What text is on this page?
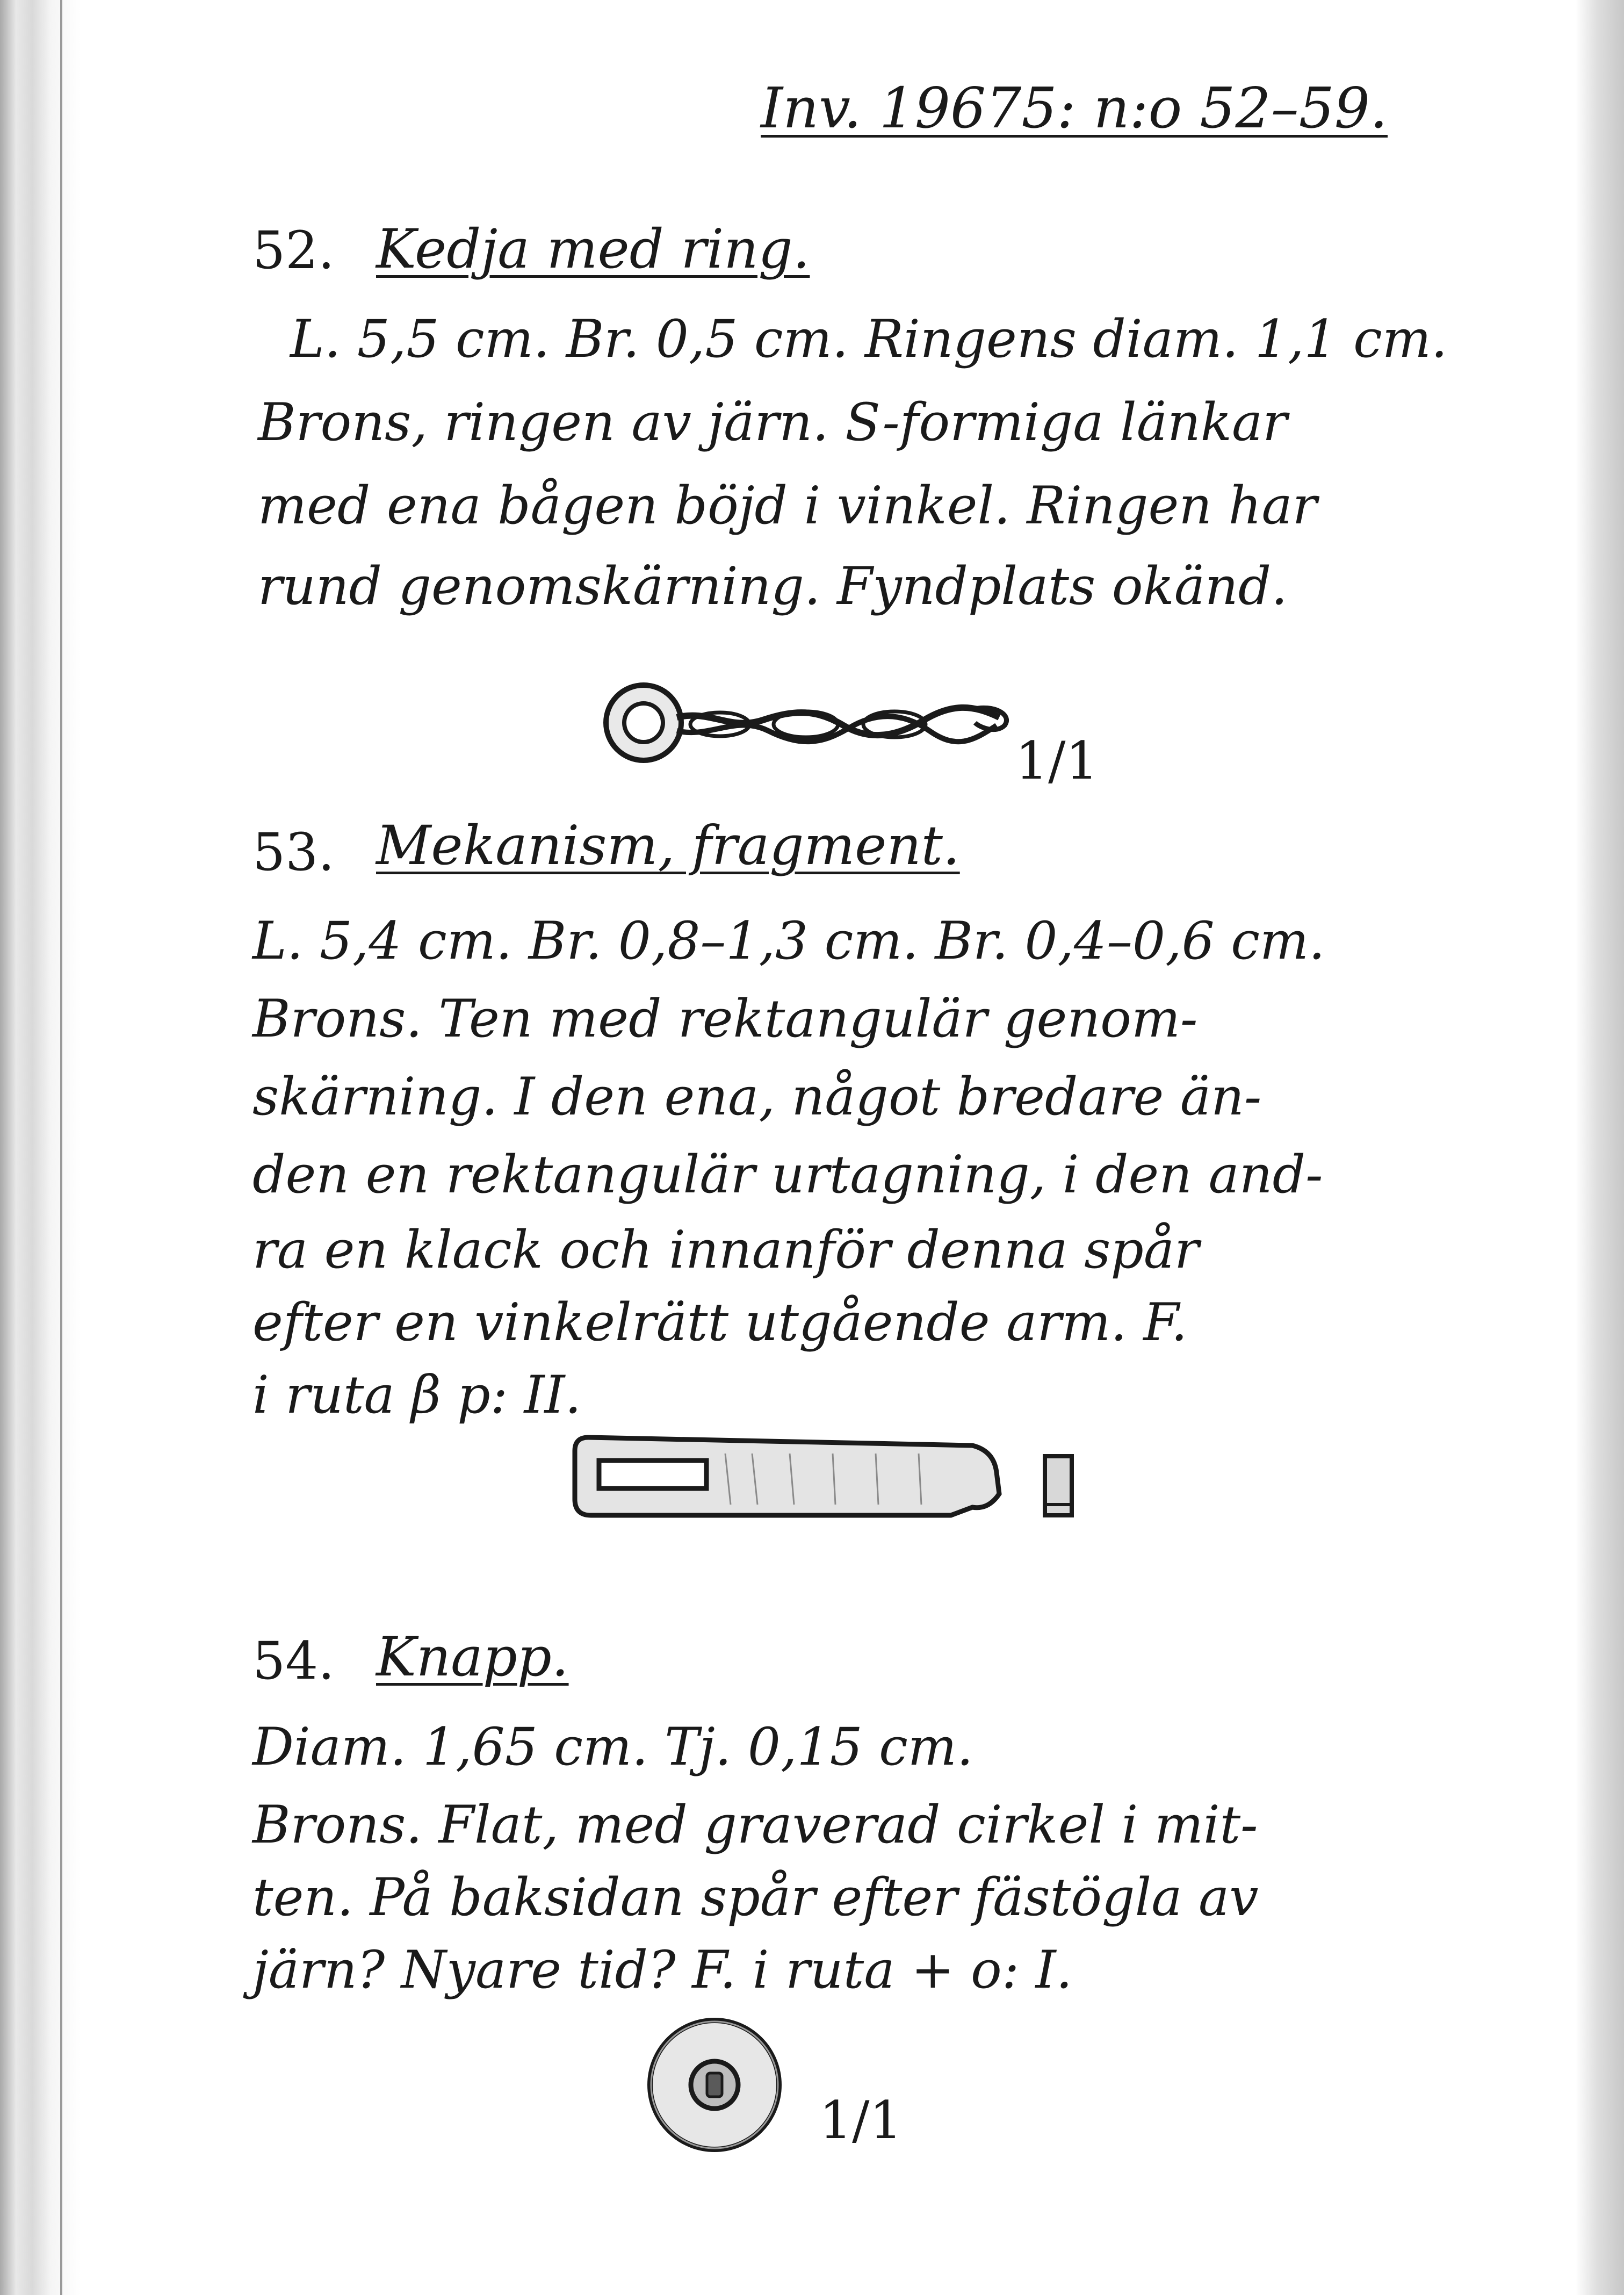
Inv. 19675: n:o 52–59.
52. Kedja med ring.
L. 5,5 cm. Br. 0,5 cm. Ringens diam. 1,1 cm.
Brons, ringen av järn. S-formiga länkar
med ena bågen böjd i vinkel. Ringen har
rund genomskärning. Fyndplats okänd.
1/1
53. Mekanism, fragment.
L. 5,4 cm. Br. 0,8–1,3 cm. Br. 0,4–0,6 cm.
Brons. Ten med rektangulär genom-
skärning. I den ena, något bredare än-
den en rektangulär urtagning, i den and-
ra en klack och innanför denna spår
efter en vinkelrätt utgående arm. F.
i ruta β p: II.
54. Knapp.
Diam. 1,65 cm. Tj. 0,15 cm.
Brons. Flat, med graverad cirkel i mit-
ten. På baksidan spår efter fästögla av
järn? Nyare tid? F. i ruta + o: I.
1/1
